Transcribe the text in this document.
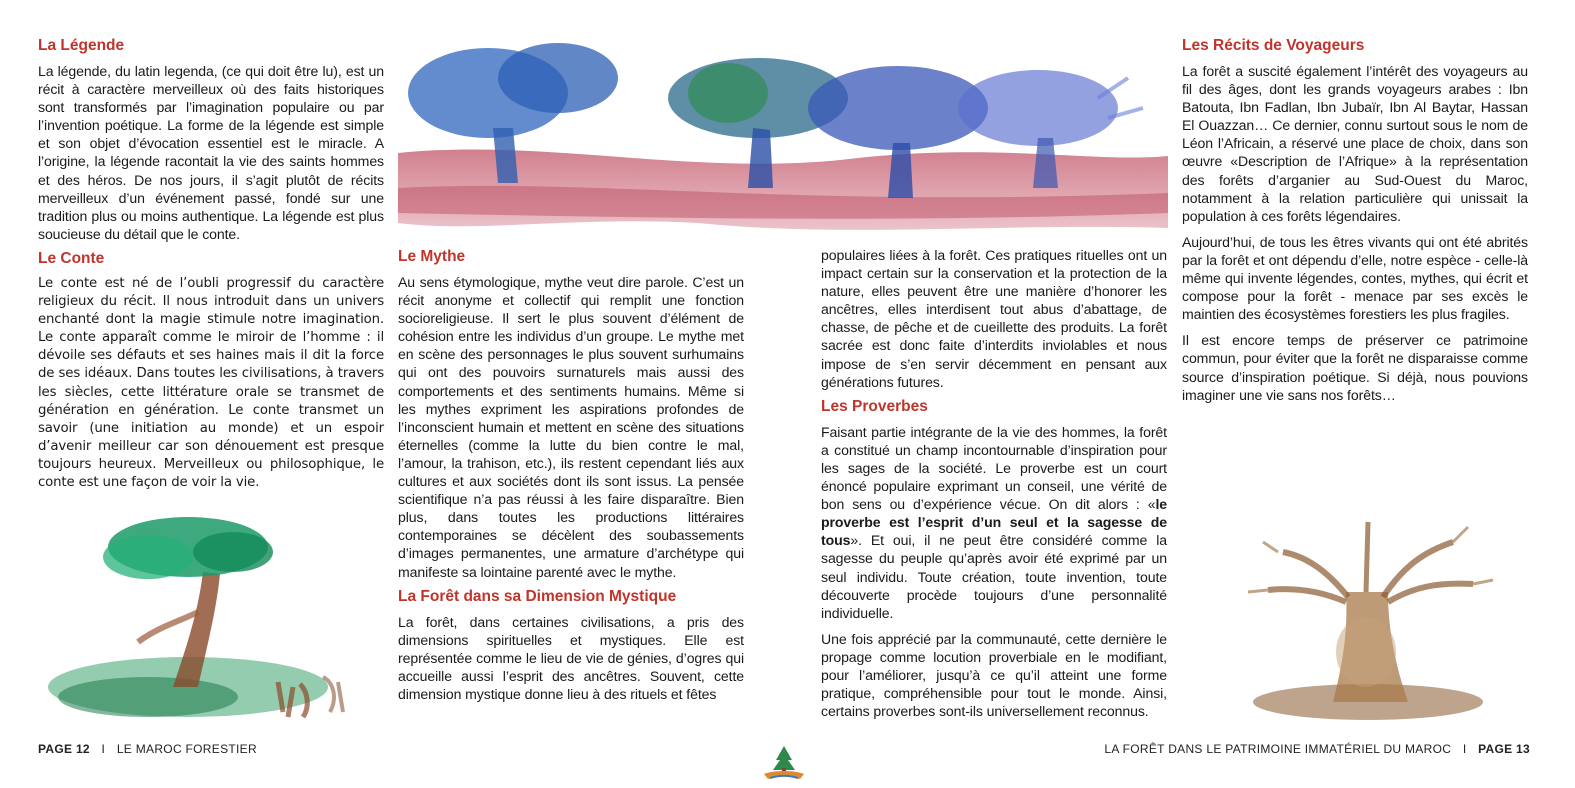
La Légende

La légende, du latin legenda, (ce qui doit être lu), est un récit à caractère merveilleux où des faits historiques sont transformés par l’imagination populaire ou par l’invention poétique. La forme de la légende est simple et son objet d’évocation essentiel est le miracle. A l’origine, la légende racontait la vie des saints hommes et des héros. De nos jours, il s’agit plutôt de récits merveilleux d’un événement passé, fondé sur une tradition plus ou moins authentique. La légende est plus soucieuse du détail que le conte.

Le Conte

Le conte est né de l’oubli progressif du caractère religieux du récit. Il nous introduit dans un univers enchanté dont la magie stimule notre imagination. Le conte apparaît comme le miroir de l’homme : il dévoile ses défauts et ses haines mais il dit la force de ses idéaux. Dans toutes les civilisations, à travers les siècles, cette littérature orale se transmet de génération en génération. Le conte transmet un savoir (une initiation au monde) et un espoir d’avenir meilleur car son dénouement est presque toujours heureux. Merveilleux ou philosophique, le conte est une façon de voir la vie.

Le Mythe

Au sens étymologique, mythe veut dire parole. C’est un récit anonyme et collectif qui remplit une fonction socioreligieuse. Il sert le plus souvent d’élément de cohésion entre les individus d’un groupe. Le mythe met en scène des personnages le plus souvent surhumains qui ont des pouvoirs surnaturels mais aussi des comportements et des sentiments humains. Même si les mythes expriment les aspirations profondes de l’inconscient humain et mettent en scène des situations éternelles (comme la lutte du bien contre le mal, l’amour, la trahison, etc.), ils restent cependant liés aux cultures et aux sociétés dont ils sont issus. La pensée scientifique n’a pas réussi à les faire disparaître. Bien plus, dans toutes les productions littéraires contemporaines se décèlent des soubassements d’images permanentes, une armature d’archétype qui manifeste sa lointaine parenté avec le mythe.

La Forêt dans sa Dimension Mystique

La forêt, dans certaines civilisations, a pris des dimensions spirituelles et mystiques. Elle est représentée comme le lieu de vie de génies, d’ogres qui accueille aussi l’esprit des ancêtres. Souvent, cette dimension mystique donne lieu à des rituels et fêtes

populaires liées à la forêt. Ces pratiques rituelles ont un impact certain sur la conservation et la protection de la nature, elles peuvent être une manière d’honorer les ancêtres, elles interdisent tout abus d’abattage, de chasse, de pêche et de cueillette des produits. La forêt sacrée est donc faite d’interdits inviolables et nous impose de s’en servir décemment en pensant aux générations futures.

Les Proverbes

Faisant partie intégrante de la vie des hommes, la forêt a constitué un champ incontournable d’inspiration pour les sages de la société. Le proverbe est un court énoncé populaire exprimant un conseil, une vérité de bon sens ou d’expérience vécue. On dit alors : «le proverbe est l’esprit d’un seul et la sagesse de tous». Et oui, il ne peut être considéré comme la sagesse du peuple qu’après avoir été exprimé par un seul individu. Toute création, toute invention, toute découverte procède toujours d’une personnalité individuelle.

Une fois apprécié par la communauté, cette dernière le propage comme locution proverbiale en le modifiant, pour l’améliorer, jusqu’à ce qu’il atteint une forme pratique, compréhensible pour tout le monde. Ainsi, certains proverbes sont-ils universellement reconnus.

Les Récits de Voyageurs

La forêt a suscité également l’intérêt des voyageurs au fil des âges, dont les grands voyageurs arabes : Ibn Batouta, Ibn Fadlan, Ibn Jubaïr, Ibn Al Baytar, Hassan El Ouazzan… Ce dernier, connu surtout sous le nom de Léon l’Africain, a réservé une place de choix, dans son œuvre «Description de l’Afrique» à la représentation des forêts d’arganier au Sud-Ouest du Maroc, notamment à la relation particulière qui unissait la population à ces forêts légendaires.

Aujourd’hui, de tous les êtres vivants qui ont été abrités par la forêt et ont dépendu d’elle, notre espèce - celle-là même qui invente légendes, contes, mythes, qui écrit et compose pour la forêt - menace par ses excès le maintien des écosystèmes forestiers les plus fragiles.

Il est encore temps de préserver ce patrimoine commun, pour éviter que la forêt ne disparaisse comme source d’inspiration poétique. Si déjà, nous pouvions imaginer une vie sans nos forêts…

PAGE 12 I LE MAROC FORESTIER	LA FORÊT DANS LE PATRIMOINE IMMATÉRIEL DU MAROC I PAGE 13
